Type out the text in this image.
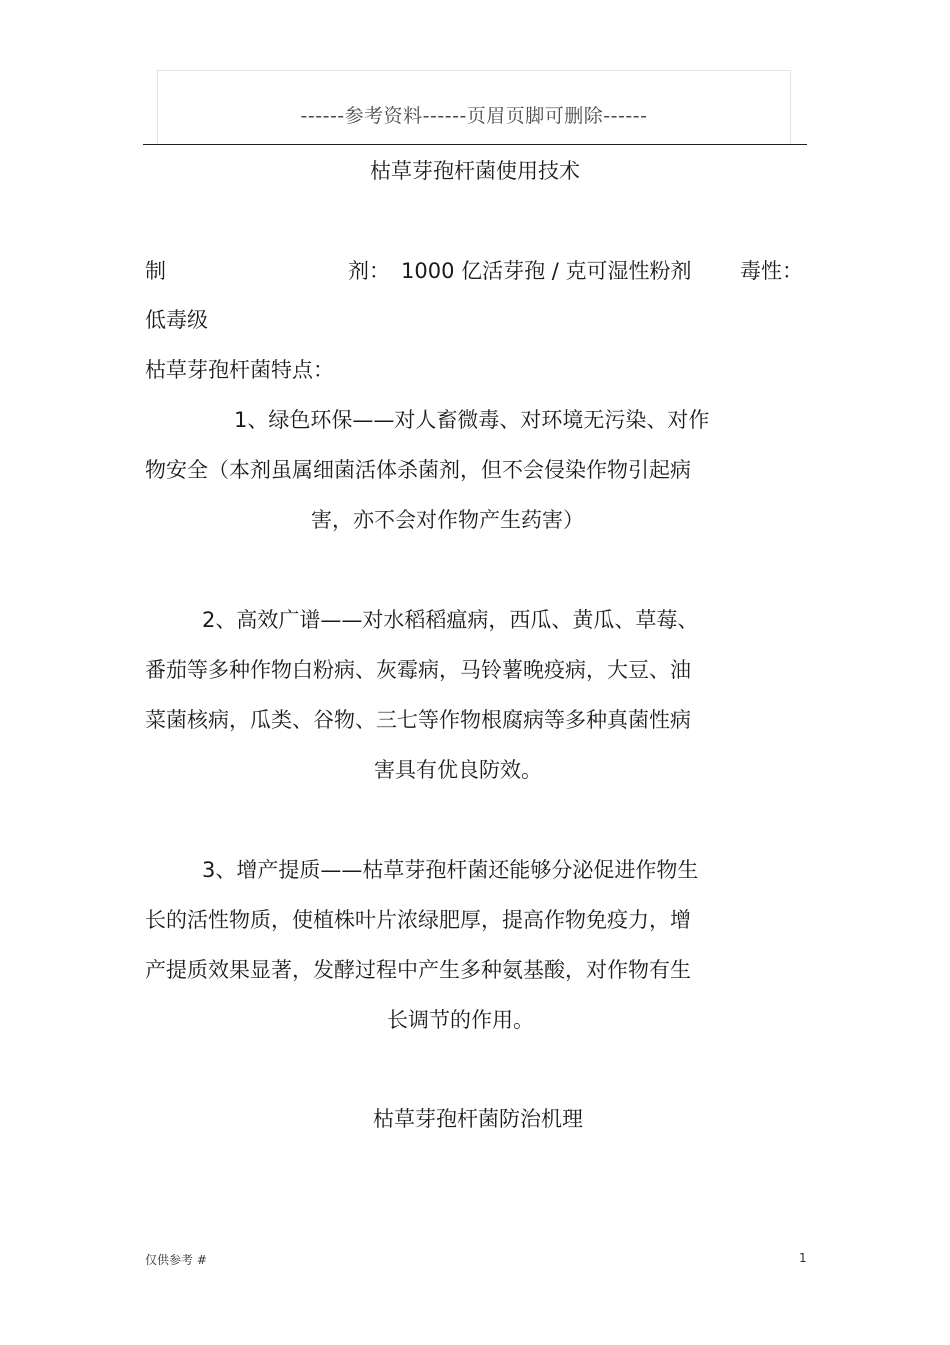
------参考资料------页眉页脚可删除------
枯草芽孢杆菌使用技术
制	剂： 1000 亿活芽孢 / 克可湿性粉剂 毒性：
低毒级
枯草芽孢杆菌特点：
1、绿色环保——对人畜微毒、对环境无污染、对作
物安全（本剂虽属细菌活体杀菌剂，但不会侵染作物引起病
害，亦不会对作物产生药害）
2、高效广谱——对水稻稻瘟病，西瓜、黄瓜、草莓、
番茄等多种作物白粉病、灰霉病，马铃薯晚疫病，大豆、油
菜菌核病，瓜类、谷物、三七等作物根腐病等多种真菌性病
害具有优良防效。
3、增产提质——枯草芽孢杆菌还能够分泌促进作物生
长的活性物质，使植株叶片浓绿肥厚，提高作物免疫力，增
产提质效果显著，发酵过程中产生多种氨基酸，对作物有生
长调节的作用。
枯草芽孢杆菌防治机理
仅供参考 #	1
